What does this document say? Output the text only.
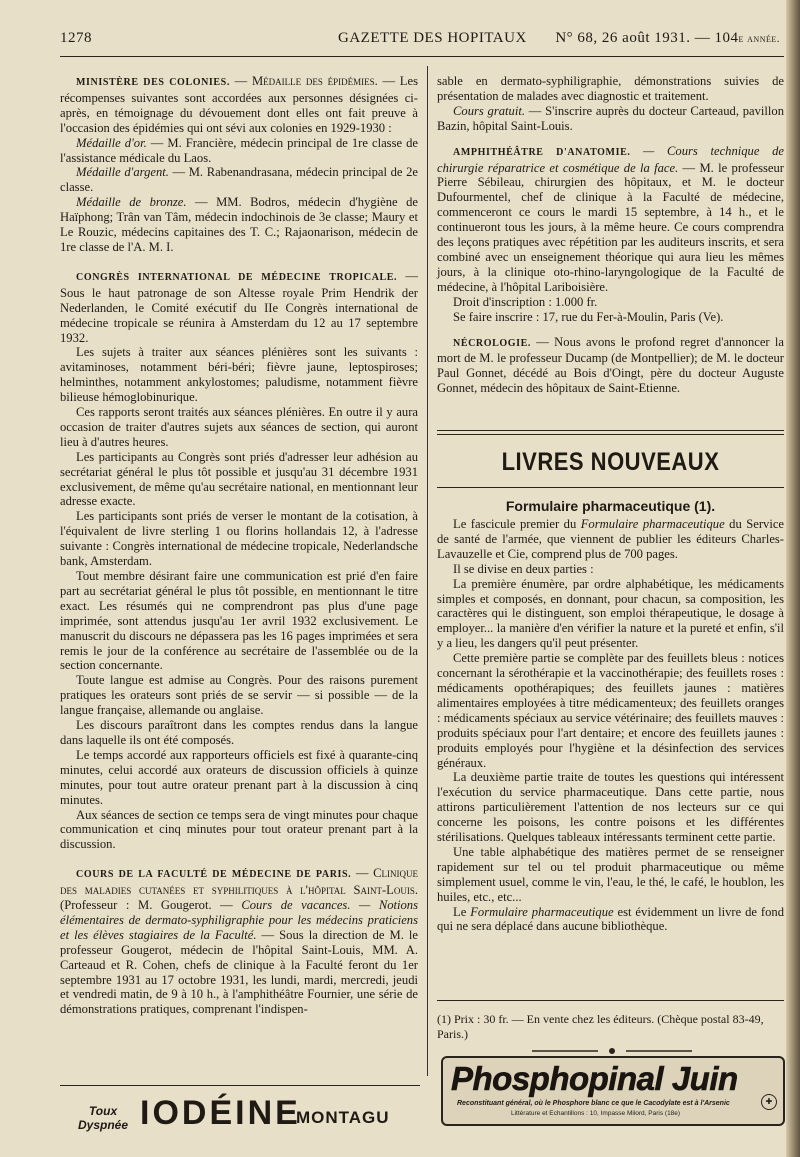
1278	GAZETTE DES HOPITAUX N° 68, 26 août 1931. — 104e année.

MINISTÈRE DES COLONIES. — Médaille des épidémies. — Les récompenses suivantes sont accordées aux personnes désignées ci-après, en témoignage du dévouement dont elles ont fait preuve à l'occasion des épidémies qui ont sévi aux colonies en 1929-1930 :

Médaille d'or. — M. Francière, médecin principal de 1re classe de l'assistance médicale du Laos.

Médaille d'argent. — M. Rabenandrasana, médecin principal de 2e classe.

Médaille de bronze. — MM. Bodros, médecin d'hygiène de Haïphong; Trân van Tâm, médecin indochinois de 3e classe; Maury et Le Rouzic, médecins capitaines des T. C.; Rajaonarison, médecin de 1re classe de l'A. M. I.

CONGRÈS INTERNATIONAL DE MÉDECINE TROPICALE. — Sous le haut patronage de son Altesse royale Prim Hendrik der Nederlanden, le Comité exécutif du IIe Congrès international de médecine tropicale se réunira à Amsterdam du 12 au 17 septembre 1932.

Les sujets à traiter aux séances plénières sont les suivants : avitaminoses, notamment béri-béri; fièvre jaune, leptospiroses; helminthes, notamment ankylostomes; paludisme, notamment fièvre bilieuse hémoglobinurique.

Ces rapports seront traités aux séances plénières. En outre il y aura occasion de traiter d'autres sujets aux séances de section, qui auront lieu à d'autres heures.

Les participants au Congrès sont priés d'adresser leur adhésion au secrétariat général le plus tôt possible et jusqu'au 31 décembre 1931 exclusivement, de même qu'au secrétaire national, en mentionnant leur adresse exacte.

Les participants sont priés de verser le montant de la cotisation, à l'équivalent de livre sterling 1 ou florins hollandais 12, à l'adresse suivante : Congrès international de médecine tropicale, Nederlandsche bank, Amsterdam.

Tout membre désirant faire une communication est prié d'en faire part au secrétariat général le plus tôt possible, en mentionnant le titre exact. Les résumés qui ne comprendront pas plus d'une page imprimée, sont attendus jusqu'au 1er avril 1932 exclusivement. Le manuscrit du discours ne dépassera pas les 16 pages imprimées et sera remis le jour de la conférence au secrétaire de l'assemblée ou de la section concernante.

Toute langue est admise au Congrès. Pour des raisons purement pratiques les orateurs sont priés de se servir — si possible — de la langue française, allemande ou anglaise.

Les discours paraîtront dans les comptes rendus dans la langue dans laquelle ils ont été composés.

Le temps accordé aux rapporteurs officiels est fixé à quarante-cinq minutes, celui accordé aux orateurs de discussion officiels à quinze minutes, pour tout autre orateur prenant part à la discussion à cinq minutes.

Aux séances de section ce temps sera de vingt minutes pour chaque communication et cinq minutes pour tout orateur prenant part à la discussion.

COURS DE LA FACULTÉ DE MÉDECINE DE PARIS. — Clinique des maladies cutanées et syphilitiques à l'hôpital Saint-Louis. (Professeur : M. Gougerot. — Cours de vacances. — Notions élémentaires de dermato-syphiligraphie pour les médecins praticiens et les élèves stagiaires de la Faculté. — Sous la direction de M. le professeur Gougerot, médecin de l'hôpital Saint-Louis, MM. A. Carteaud et R. Cohen, chefs de clinique à la Faculté feront du 1er septembre 1931 au 17 octobre 1931, les lundi, mardi, mercredi, jeudi et vendredi matin, de 9 à 10 h., à l'amphithéâtre Fournier, une série de démonstrations pratiques, comprenant l'indispen-

sable en dermato-syphiligraphie, démonstrations suivies de présentation de malades avec diagnostic et traitement.

Cours gratuit. — S'inscrire auprès du docteur Carteaud, pavillon Bazin, hôpital Saint-Louis.

AMPHITHÉÂTRE D'ANATOMIE. — Cours technique de chirurgie réparatrice et cosmétique de la face. — M. le professeur Pierre Sébileau, chirurgien des hôpitaux, et M. le docteur Dufourmentel, chef de clinique à la Faculté de médecine, commenceront ce cours le mardi 15 septembre, à 14 h., et le continueront tous les jours, à la même heure. Ce cours comprendra des leçons pratiques avec répétition par les auditeurs inscrits, et sera combiné avec un enseignement théorique qui aura lieu les mêmes jours, à la clinique oto-rhino-laryngologique de la Faculté de médecine, à l'hôpital Lariboisière.

Droit d'inscription : 1.000 fr.

Se faire inscrire : 17, rue du Fer-à-Moulin, Paris (Ve).

NÉCROLOGIE. — Nous avons le profond regret d'annoncer la mort de M. le professeur Ducamp (de Montpellier); de M. le docteur Paul Gonnet, décédé au Bois d'Oingt, père du docteur Auguste Gonnet, médecin des hôpitaux de Saint-Etienne.

LIVRES NOUVEAUX
Formulaire pharmaceutique (1).

Le fascicule premier du Formulaire pharmaceutique du Service de santé de l'armée, que viennent de publier les éditeurs Charles-Lavauzelle et Cie, comprend plus de 700 pages.

Il se divise en deux parties :

La première énumère, par ordre alphabétique, les médicaments simples et composés, en donnant, pour chacun, sa composition, les caractères qui le distinguent, son emploi thérapeutique, le dosage à employer... la manière d'en vérifier la nature et la pureté et enfin, s'il y a lieu, les dangers qu'il peut présenter.

Cette première partie se complète par des feuillets bleus : notices concernant la sérothérapie et la vaccinothérapie; des feuillets roses : médicaments opothérapiques; des feuillets jaunes : matières alimentaires employées à titre médicamenteux; des feuillets oranges : médicaments spéciaux au service vétérinaire; des feuillets mauves : produits spéciaux pour l'art dentaire; et encore des feuillets jaunes : produits employés pour l'hygiène et la désinfection des services généraux.

La deuxième partie traite de toutes les questions qui intéressent l'exécution du service pharmaceutique. Dans cette partie, nous attirons particulièrement l'attention de nos lecteurs sur ce qui concerne les poisons, les contre poisons et les différentes stérilisations. Quelques tableaux intéressants terminent cette partie.

Une table alphabétique des matières permet de se renseigner rapidement sur tel ou tel produit pharmaceutique ou même simplement usuel, comme le vin, l'eau, le thé, le café, le houblon, les huiles, etc., etc...

Le Formulaire pharmaceutique est évidemment un livre de fond qui ne sera déplacé dans aucune bibliothèque.

(1) Prix : 30 fr. — En vente chez les éditeurs. (Chèque postal 83-49, Paris.)
Toux
Dyspnée IODÉINE
MONTAGU
Phosphopinal Juin
Reconstituant général, où le Phosphore blanc ce que le Cacodylate est à l'Arsenic
Littérature et Echantillons : 10, Impasse Milord, Paris (18e)
✚
